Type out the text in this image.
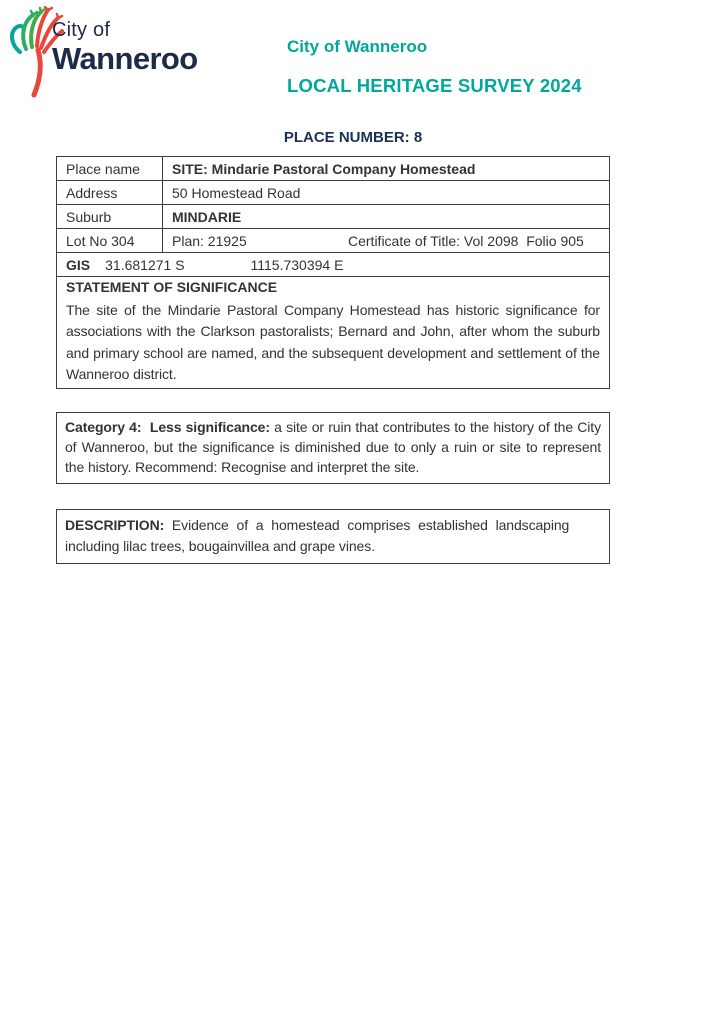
City of
Wanneroo	City of Wanneroo
LOCAL HERITAGE SURVEY 2024
PLACE NUMBER: 8
Place name	SITE: Mindarie Pastoral Company Homestead
Address	50 Homestead Road
Suburb	MINDARIE
Lot No 304	Plan: 21925 Certificate of Title: Vol 2098  Folio 905
GIS 31.681271 S 1115.730394 E	

STATEMENT OF SIGNIFICANCE
The site of the Mindarie Pastoral Company Homestead has historic significance for associations with the Clarkson pastoralists; Bernard and John, after whom the suburb and primary school are named, and the subsequent development and settlement of the Wanneroo district.	

Category 4:  Less significance: a site or ruin that contributes to the history of the City of Wanneroo, but the significance is diminished due to only a ruin or site to represent the history. Recommend: Recognise and interpret the site.

DESCRIPTION: Evidence of a homestead comprises established landscaping
including lilac trees, bougainvillea and grape vines.
